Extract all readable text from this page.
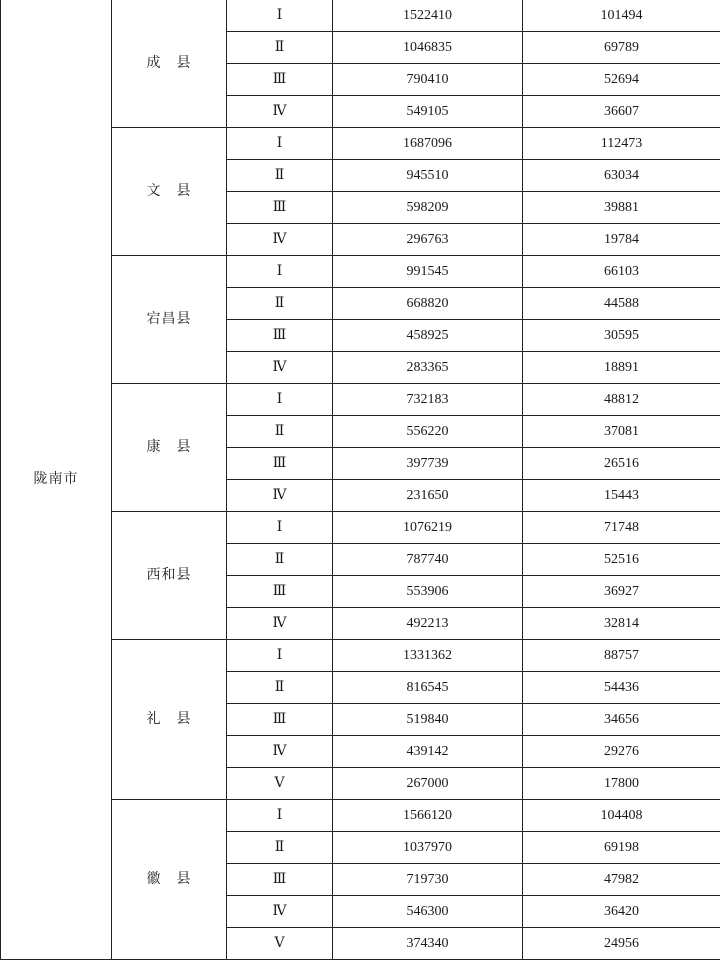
陇南市	成　县	Ⅰ	1522410	101494
		Ⅱ	1046835	69789
		Ⅲ	790410	52694
		Ⅳ	549105	36607
	文　县	Ⅰ	1687096	112473
		Ⅱ	945510	63034
		Ⅲ	598209	39881
		Ⅳ	296763	19784
	宕昌县	Ⅰ	991545	66103
		Ⅱ	668820	44588
		Ⅲ	458925	30595
		Ⅳ	283365	18891
	康　县	Ⅰ	732183	48812
		Ⅱ	556220	37081
		Ⅲ	397739	26516
		Ⅳ	231650	15443
	西和县	Ⅰ	1076219	71748
		Ⅱ	787740	52516
		Ⅲ	553906	36927
		Ⅳ	492213	32814
	礼　县	Ⅰ	1331362	88757
		Ⅱ	816545	54436
		Ⅲ	519840	34656
		Ⅳ	439142	29276
		Ⅴ	267000	17800
	徽　县	Ⅰ	1566120	104408
		Ⅱ	1037970	69198
		Ⅲ	719730	47982
		Ⅳ	546300	36420
		Ⅴ	374340	24956
